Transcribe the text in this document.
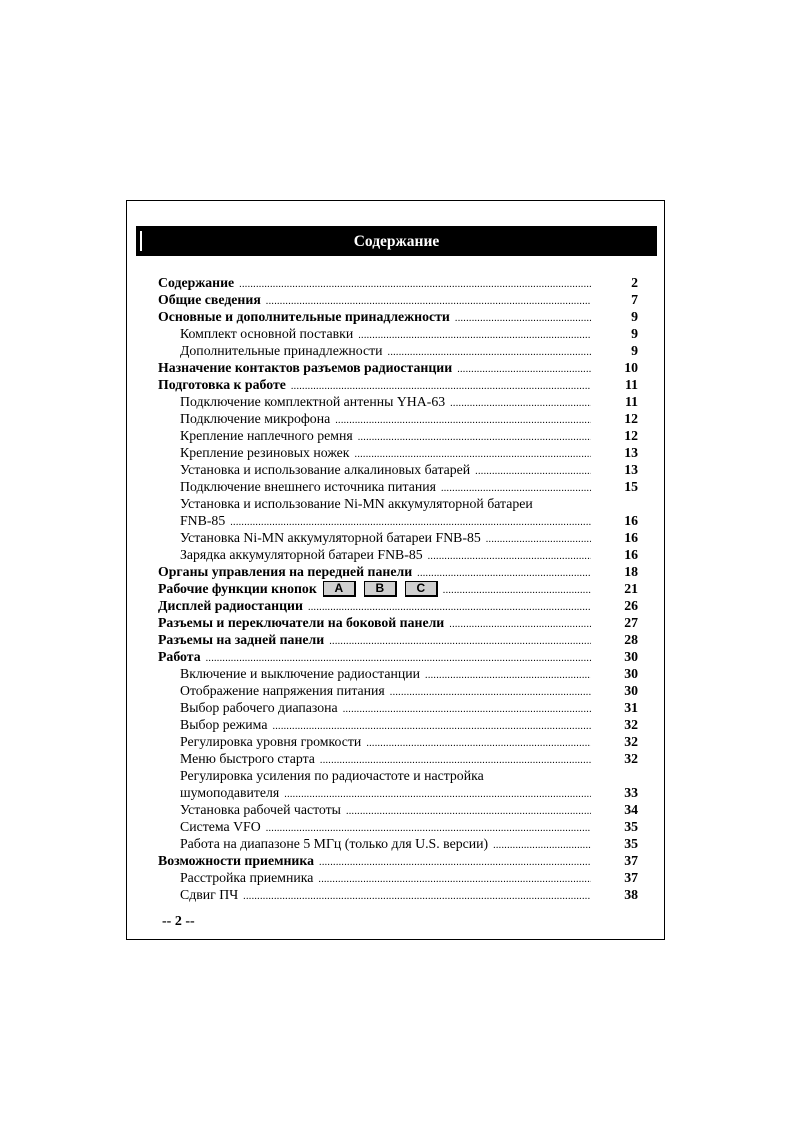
Содержание
Содержание .....	2
Общие сведения .....	7
Основные и дополнительные принадлежности .....	9
Комплект основной поставки .....	9
Дополнительные принадлежности .....	9
Назначение контактов разъемов радиостанции .....	10
Подготовка к работе .....	11
Подключение комплектной антенны YHA-63 .....	11
Подключение микрофона .....	12
Крепление наплечного ремня .....	12
Крепление резиновых ножек .....	13
Установка и использование алкалиновых батарей .....	13
Подключение внешнего источника питания .....	15
Установка и использование Ni-MN аккумуляторной батареи
FNB-85 .....	16
Установка Ni-MN аккумуляторной батареи FNB-85 .....	16
Зарядка аккумуляторной батареи FNB-85 .....	16
Органы управления на передней панели .....	18
Рабочие функции кнопок	A	B	C .....	21
Дисплей радиостанции .....	26
Разъемы и переключатели на боковой панели .....	27
Разъемы на задней панели .....	28
Работа .....	30
Включение и выключение радиостанции .....	30
Отображение напряжения питания .....	30
Выбор рабочего диапазона .....	31
Выбор режима .....	32
Регулировка уровня громкости .....	32
Меню быстрого старта .....	32
Регулировка усиления по радиочастоте и настройка
шумоподавителя .....	33
Установка рабочей частоты .....	34
Система VFO .....	35
Работа на диапазоне 5 МГц (только для U.S. версии) .....	35
Возможности приемника .....	37
Расстройка приемника .....	37
Сдвиг ПЧ .....	38
-- 2 --
